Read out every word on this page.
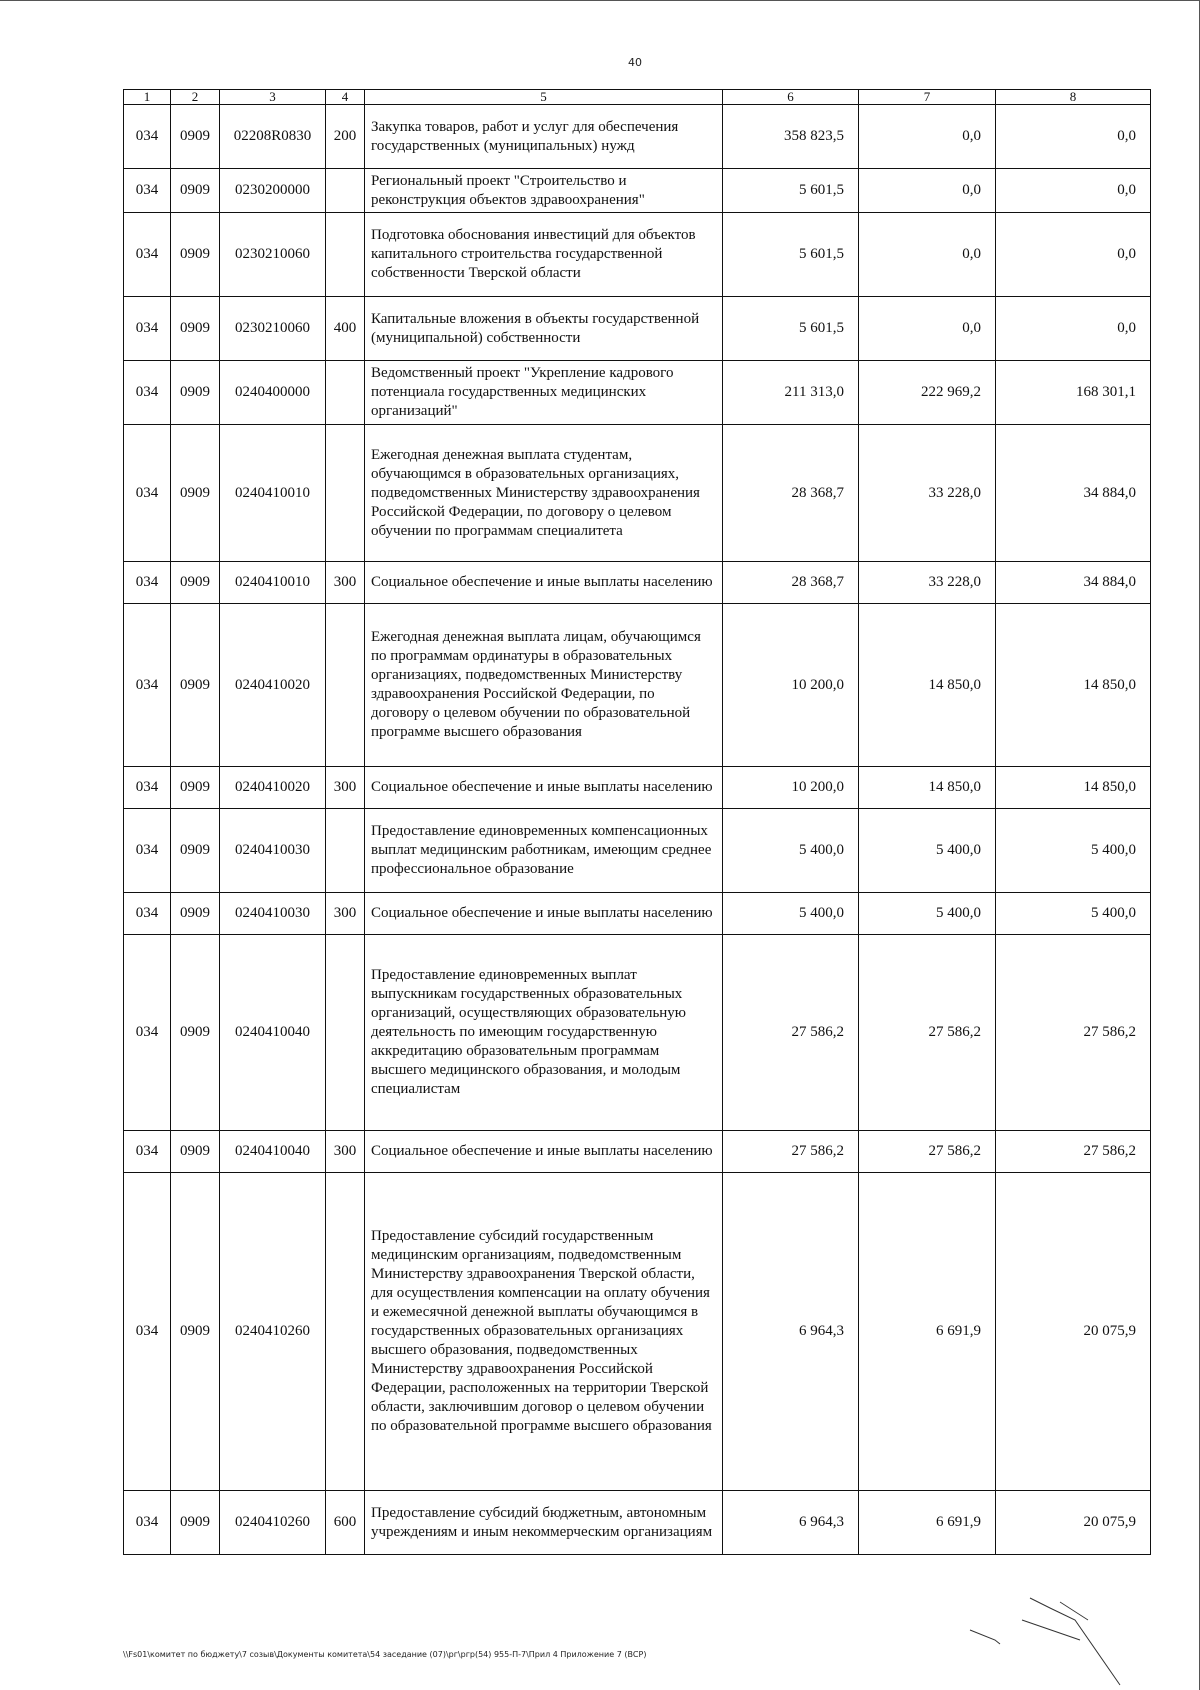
40
1	2	3	4	5	6	7	8
034	0909	02208R0830	200	Закупка товаров, работ и услуг для обеспечения государственных (муниципальных) нужд	358 823,5	0,0	0,0
034	0909	0230200000		Региональный проект "Строительство и реконструкция объектов здравоохранения"	5 601,5	0,0	0,0
034	0909	0230210060		Подготовка обоснования инвестиций для объектов капитального строительства государственной собственности Тверской области	5 601,5	0,0	0,0
034	0909	0230210060	400	Капитальные вложения в объекты государственной (муниципальной) собственности	5 601,5	0,0	0,0
034	0909	0240400000		Ведомственный проект "Укрепление кадрового потенциала государственных медицинских организаций"	211 313,0	222 969,2	168 301,1
034	0909	0240410010		Ежегодная денежная выплата студентам, обучающимся в образовательных организациях, подведомственных Министерству здравоохранения Российской Федерации, по договору о целевом обучении по программам специалитета	28 368,7	33 228,0	34 884,0
034	0909	0240410010	300	Социальное обеспечение и иные выплаты населению	28 368,7	33 228,0	34 884,0
034	0909	0240410020		Ежегодная денежная выплата лицам, обучающимся по программам ординатуры в образовательных организациях, подведомственных Министерству здравоохранения Российской Федерации, по договору о целевом обучении по образовательной программе высшего образования	10 200,0	14 850,0	14 850,0
034	0909	0240410020	300	Социальное обеспечение и иные выплаты населению	10 200,0	14 850,0	14 850,0
034	0909	0240410030		Предоставление единовременных компенсационных выплат медицинским работникам, имеющим среднее профессиональное образование	5 400,0	5 400,0	5 400,0
034	0909	0240410030	300	Социальное обеспечение и иные выплаты населению	5 400,0	5 400,0	5 400,0
034	0909	0240410040		Предоставление единовременных выплат выпускникам государственных образовательных организаций, осуществляющих образовательную деятельность по имеющим государственную аккредитацию образовательным программам высшего медицинского образования, и молодым специалистам	27 586,2	27 586,2	27 586,2
034	0909	0240410040	300	Социальное обеспечение и иные выплаты населению	27 586,2	27 586,2	27 586,2
034	0909	0240410260		Предоставление субсидий государственным медицинским организациям, подведомственным Министерству здравоохранения Тверской области, для осуществления компенсации на оплату обучения и ежемесячной денежной выплаты обучающимся в государственных образовательных организациях высшего образования, подведомственных Министерству здравоохранения Российской Федерации, расположенных на территории Тверской области, заключившим договор о целевом обучении по образовательной программе высшего образования	6 964,3	6 691,9	20 075,9
034	0909	0240410260	600	Предоставление субсидий бюджетным, автономным учреждениям и иным некоммерческим организациям	6 964,3	6 691,9	20 075,9
\\Fs01\комитет по бюджету\7 созыв\Документы комитета\54 заседание (07)\рг\ргр(54) 955-П-7\Прил 4 Приложение 7 (ВСР)
